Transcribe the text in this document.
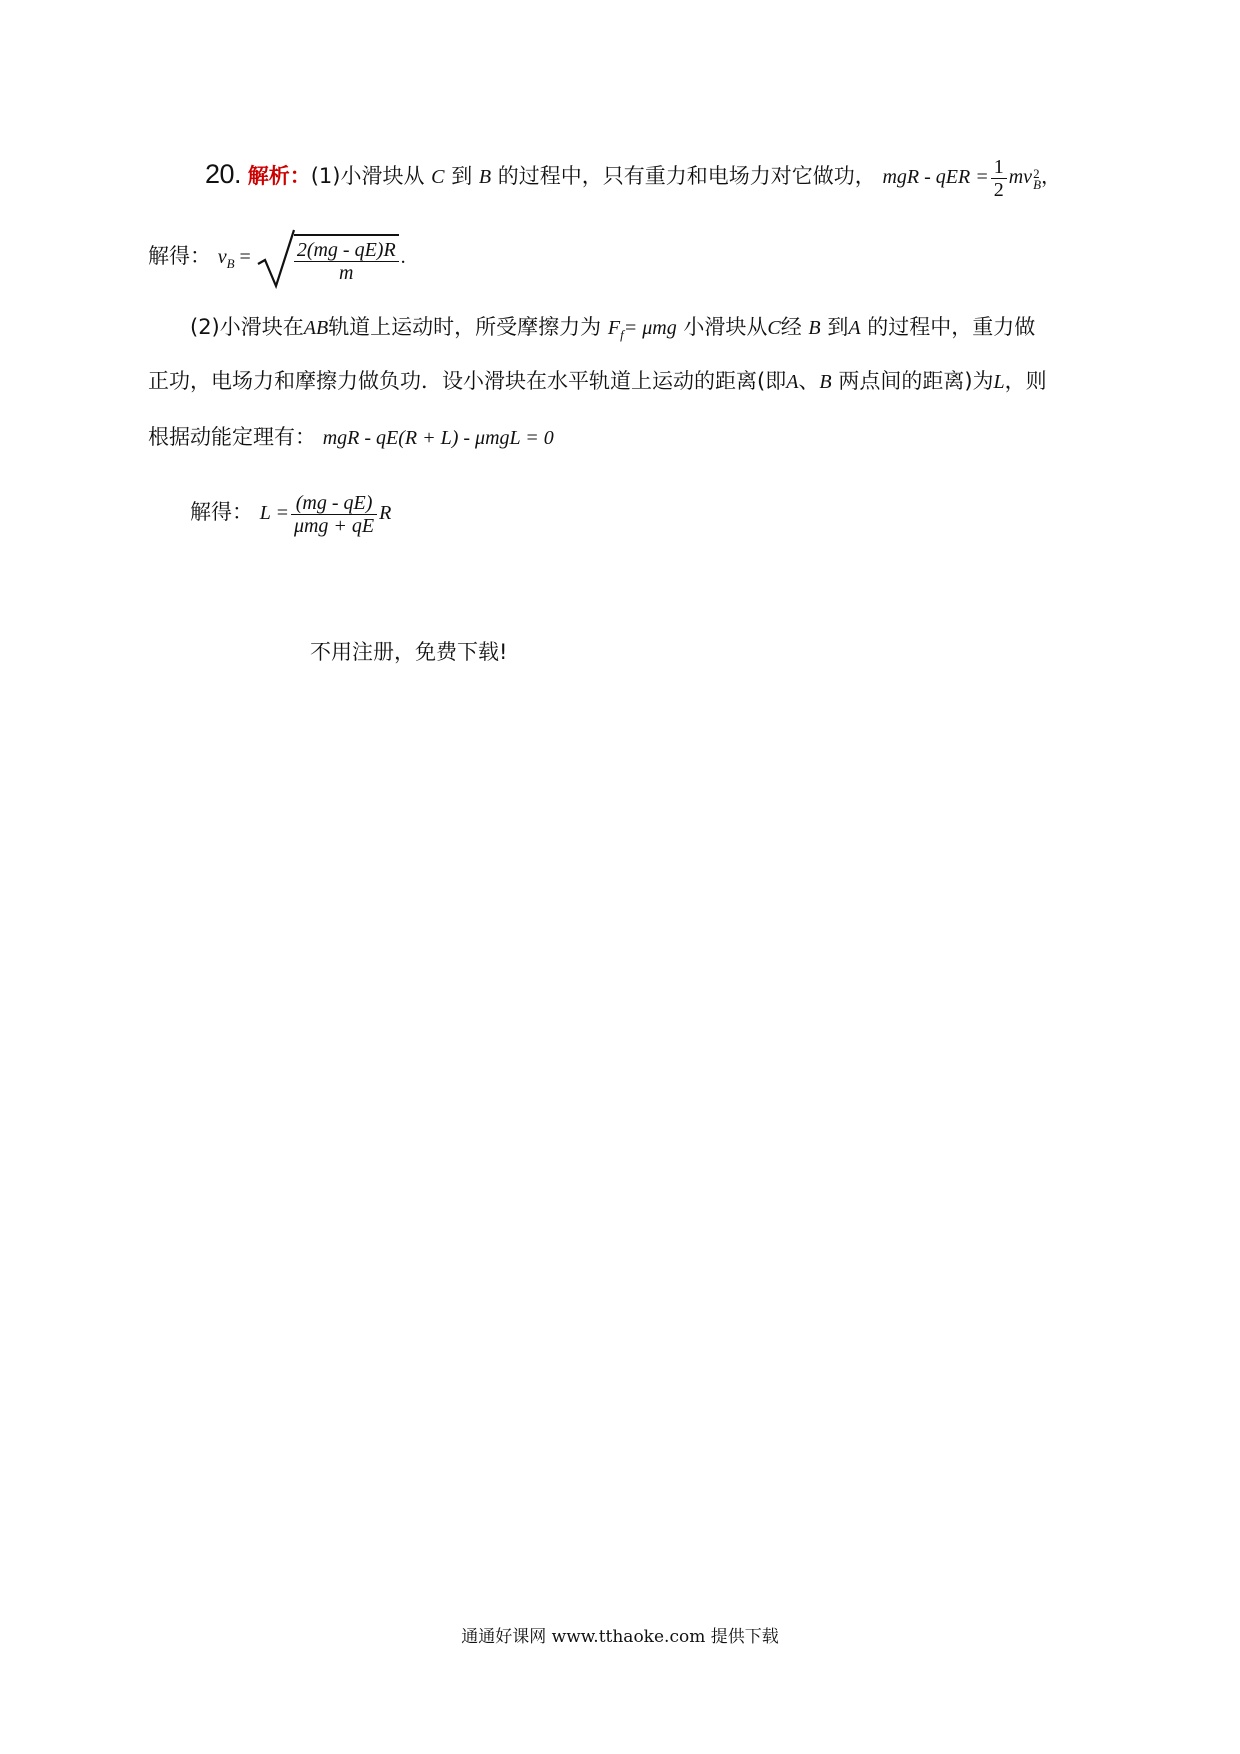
20. 解析：(1)小滑块从 C 到 B 的过程中，只有重力和电场力对它做功， mgR - qER = $\frac{1}{2}$ mv 2
B ，
解得： $v_B = \frac{2(mg - qE)R}{m}$ .
(2)小滑块在AB轨道上运动时，所受摩擦力为 $F_f= \mu mg$ 小滑块从C经 B 到A 的过程中，重力做
正功，电场力和摩擦力做负功．设小滑块在水平轨道上运动的距离(即A、B 两点间的距离)为L，则
根据动能定理有： mgR - qE(R + L) - μmgL = 0
解得： $L = \frac{(mg - qE)}{\text{μmg + qE}}$ R
不用注册，免费下载!
通通好课网 www.tthaoke.com 提供下载
